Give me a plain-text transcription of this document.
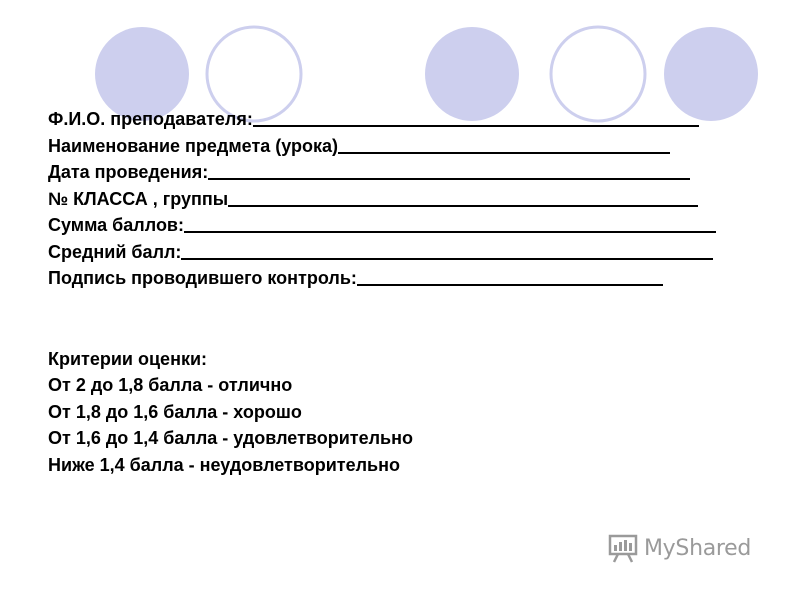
Ф.И.О. преподавателя:
Наименование предмета (урока)
Дата проведения:
№ КЛАССА , группы
Сумма баллов:
Средний балл:
Подпись проводившего контроль:
Критерии оценки:
От 2 до 1,8 балла - отлично
От 1,8 до 1,6 балла - хорошо
От 1,6 до 1,4 балла - удовлетворительно
Ниже 1,4 балла - неудовлетворительно
MyShared
